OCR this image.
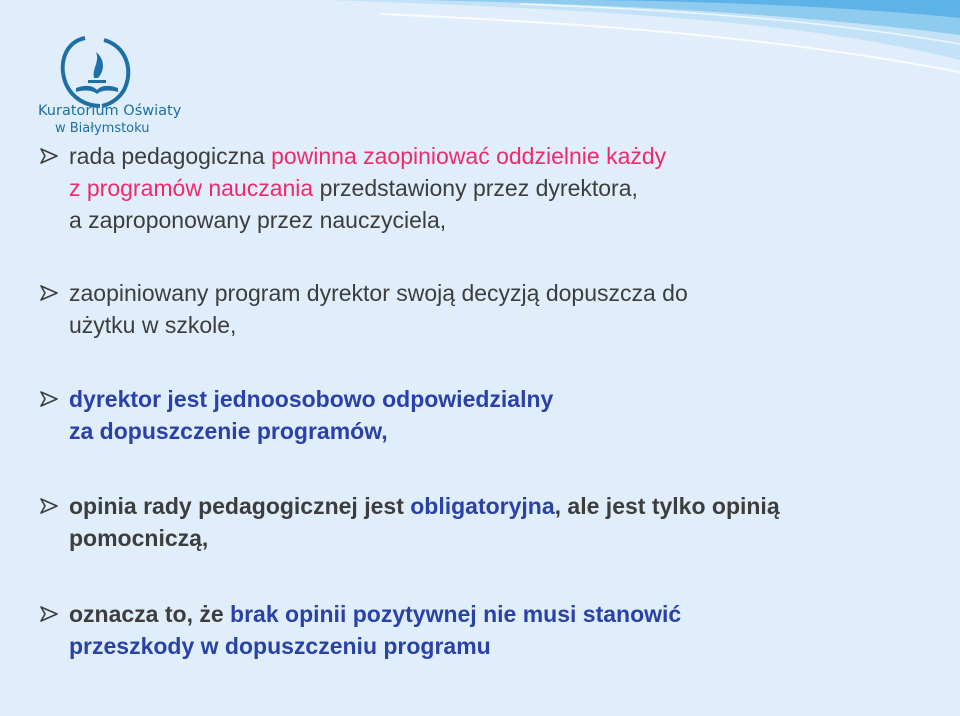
Kuratorium Oświaty
w Białymstoku
rada pedagogiczna powinna zaopiniować oddzielnie każdy
z programów nauczania przedstawiony przez dyrektora,
a zaproponowany przez nauczyciela,
zaopiniowany program dyrektor swoją decyzją dopuszcza do
użytku w szkole,
dyrektor jest jednoosobowo odpowiedzialny
za dopuszczenie programów,
opinia rady pedagogicznej jest obligatoryjna, ale jest tylko opinią
pomocniczą,
oznacza to, że brak opinii pozytywnej nie musi stanowić
przeszkody w dopuszczeniu programu
